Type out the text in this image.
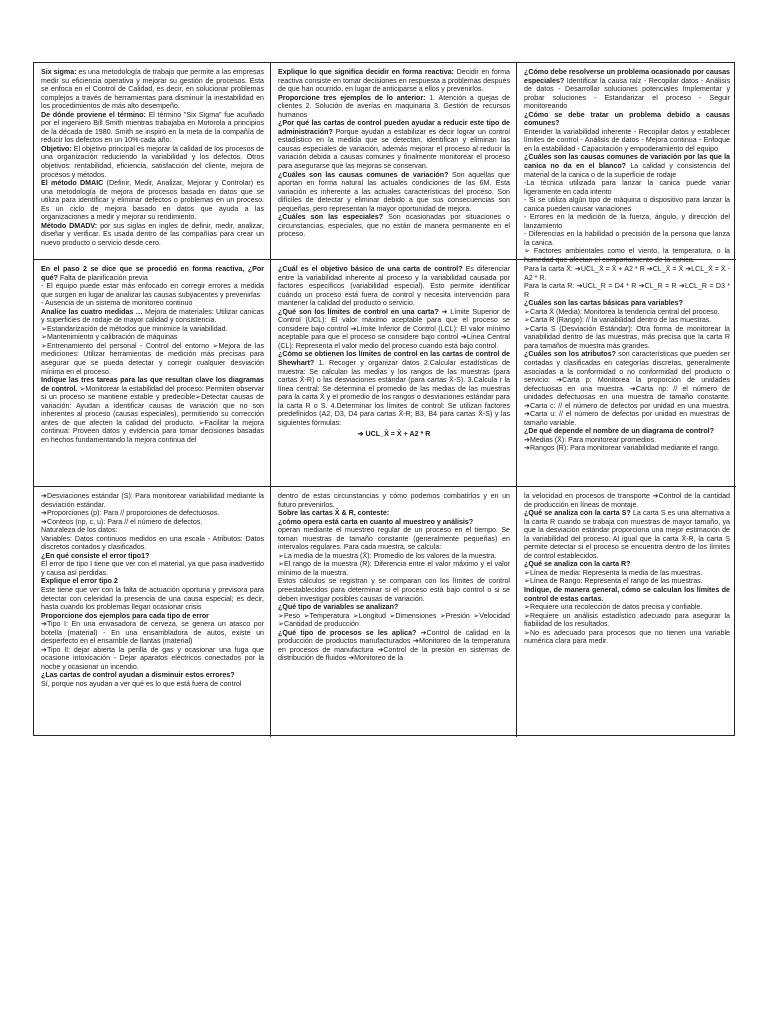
Six sigma: es una metodología de trabajo que permite a las empresas medir su eficiencia operativa y mejorar su gestión de procesos. Esta se enfoca en el Control de Calidad, es decir, en solucionar problemas complejos a través de herramientas para disminuir la inestabilidad en los procedimientos de más alto desempeño.

De dónde proviene el término: El término "Six Sigma" fue acuñado por el ingeniero Bill Smith mientras trabajaba en Motorola a principios de la década de 1980. Smith se inspiró en la meta de la compañía de reducir los defectos en un 10% cada año.

Objetivo: El objetivo principal es mejorar la calidad de los procesos de una organización reduciendo la variabilidad y los defectos. Otros objetivos: rentabilidad, eficiencia, satisfacción del cliente, mejora de procesos y métodos.

El método DMAIC (Definir, Medir, Analizar, Mejorar y Controlar) es una metodología de mejora de procesos basada en datos que se utiliza para identificar y eliminar defectos o problemas en un proceso. Es un ciclo de mejora basado en datos que ayuda a las organizaciones a medir y mejorar su rendimiento.

Método DMADV: por sus siglas en ingles de definir, medir, analizar, diseñar y verificar. Es usada dentro de las compañías para crear un nuevo producto o servicio desde cero.

Explique lo que significa decidir en forma reactiva: Decidir en forma reactiva consiste en tomar decisiones en respuesta a problemas después de que han ocurrido, en lugar de anticiparse a ellos y prevenirlos.

Proporcione tres ejemplos de lo anterior: 1. Atención a quejas de clientes 2. Solución de averías en maquinaria 3. Gestión de recursos humanos

¿Por qué las cartas de control pueden ayudar a reducir este tipo de administración? Porque ayudan a estabilizar es decir lograr un control estadístico en la medida que se detectan, identifican y eliminan las causas especiales de variación, además mejorar el proceso al reducir la variación debida a causas comunes y finalmente monitorear el proceso para asegurarse que las mejoras se conservan.

¿Cuáles son las causas comunes de variación? Son aquellas que aportan en forma natural las actuales condiciones de las 6M. Esta variación es inherente a las actuales características del proceso. Son difíciles de detectar y eliminar debido a que sus consecuencias son pequeñas, pero representan la mayor oportunidad de mejora.

¿Cuáles son las especiales? Son ocasionadas por situaciones o circunstancias, especiales, que no están de manera permanente en el proceso.

¿Cómo debe resolverse un problema ocasionado por causas especiales? Identificar la causa raíz - Recopilar datos - Análisis de datos - Desarrollar soluciones potenciales Implementar y probar soluciones - Estandarizar el proceso - Seguir monitoreando

¿Cómo se debe tratar un problema debido a causas comunes?

Entender la variabilidad inherente - Recopilar datos y establecer límites de control - Análisis de datos - Mejora continua - Enfoque en la estabilidad - Capacitación y empoderamiento del equipo

¿Cuáles son las causas comunes de variación por las que la canica no da en el blanco? La calidad y consistencia del material de la canica o de la superficie de rodaje

-La técnica utilizada para lanzar la canica puede variar ligeramente en cada intento

- Si se utiliza algún tipo de máquina o dispositivo para lanzar la canica pueden causar variaciones

- Errores en la medición de la fuerza, ángulo, y dirección del lanzamiento

- Diferencias en la habilidad o precisión de la persona que lanza la canica.

➢ Factores ambientales como el viento, la temperatura, o la humedad que afectan el comportamiento de la canica.

En el paso 2 se dice que se procedió en forma reactiva, ¿Por qué? Falta de planificación previa

- El equipo puede estar más enfocado en corregir errores a medida que surgen en lugar de analizar las causas subyacentes y prevenirlas

- Ausencia de un sistema de monitoreo continuo

Analice las cuatro medidas … Mejora de materiales: Utilizar canicas y superficies de rodaje de mayor calidad y consistencia.

➢Estandarización de métodos que minimice la variabilidad.

➢Mantenimiento y calibración de máquinas

➢Entrenamiento del personal - Control del entorno ➢Mejora de las mediciones: Utilizar herramientas de medición más precisas para asegurar que se pueda detectar y corregir cualquier desviación mínima en el proceso.

Indique las tres tareas para las que resultan clave los diagramas de control. ➢Monitorear la estabilidad del proceso: Permiten observar si un proceso se mantiene estable y predecible➢Detectar causas de variación: Ayudan a identificar causas de variación que no son inherentes al proceso (causas especiales), permitiendo su corrección antes de que afecten la calidad del producto. ➢Facilitar la mejora continua: Proveen datos y evidencia para tomar decisiones basadas en hechos fundamentando la mejora continua del

¿Cuál es el objetivo básico de una carta de control? Es diferenciar entre la variabilidad inherente al proceso y la variabilidad causada por factores específicos (variabilidad especial). Esto permite identificar cuándo un proceso está fuera de control y necesita intervención para mantener la calidad del producto o servicio.

¿Qué son los límites de control en una carta? ➔ Límite Superior de Control (UCL): El valor máximo aceptable para que el proceso se considere bajo control ➔Límite Inferior de Control (LCL): El valor mínimo aceptable para que el proceso se considere bajo control ➔Línea Central (CL): Representa el valor medio del proceso cuando está bajo control.

¿Cómo se obtienen los límites de control en las cartas de control de Shewhart? 1. Recoger y organizar datos 2.Calcular estadísticas de muestra: Se calculan las medias y los rangos de las muestras (para cartas X̄-R) o las desviaciones estándar (para cartas X̄-S). 3.Calcula r la línea central: Se determina el promedio de las medias de las muestras para la carta X̄ y el promedio de los rangos o desviaciones estándar para la carta R o S. 4.Determinar los límites de control: Se utilizan factores predefinidos (A2, D3, D4 para cartas X̄-R; B3, B4 para cartas X̄-S) y las siguientes fórmulas:

➔ UCL_X̄ = X̄ + A2 * R

Para la carta X̄: ➔UCL_X̄ = X̄ + A2 * R ➔CL_X̄ = X̄ ➔LCL_X̄ = X̄ - A2 * R.

Para la carta R: ➔UCL_R = D4 * R ➔CL_R = R ➔LCL_R = D3 * R

¿Cuáles son las cartas básicas para variables?

➢Carta X̄ (Media): Monitorea la tendencia central del proceso.

➢Carta R (Rango): // la variabilidad dentro de las muestras.

➢Carta S (Desviación Estándar): Otra forma de monitorear la variabilidad dentro de las muestras, más precisa que la carta R para tamaños de muestra más grandes.

¿Cuáles son los atributos? son características que pueden ser contadas y clasificadas en categorías discretas, generalmente asociadas a la conformidad o no conformidad del producto o servicio: ➔Carta p: Monitorea la proporción de unidades defectuosas en una muestra. ➔Carta np: // el número de unidades defectuosas en una muestra de tamaño constante. ➔Carta c: // el número de defectos por unidad en una muestra. ➔Carta u: // el número de defectos por unidad en muestras de tamaño variable.

¿De qué depende el nombre de un diagrama de control?

➔Medias (X̄): Para monitorear promedios.

➔Rangos (R): Para monitorear variabilidad mediante el rango.

➔Desviaciones estándar (S): Para monitorear variabilidad mediante la desviación estándar.

➔Proporciones (p): Para // proporciones de defectuosos.

➔Conteos (np, c, u): Para // el número de defectos.

Naturaleza de los datos:

Variables: Datos continuos medidos en una escala - Atributos: Datos discretos contados y clasificados.

¿En qué consiste el error tipo1?

El error de tipo I tiene que ver con el material, ya que pasa inadvertido y causa así perdidas.

Explique el error tipo 2

Este tiene que ver con la falta de actuación oportuna y previsora para detectar con celeridad la presencia de una causa especial; es decir, hasta cuando los problemas llegan ocasionar crisis

Proporcione dos ejemplos para cada tipo de error

➔Tipo I: En una envasadora de cerveza, se genera un atasco por botella (material) - En una ensambladora de autos, existe un desperfecto en el ensamble de llantas (material)

➔Tipo II: dejar abierta la perilla de gas y ocasionar una fuga que ocasione intoxicación - Dejar aparatos eléctricos conectados por la noche y ocasionar un incendio.

¿Las cartas de control ayudan a disminuir estos errores?

Sí, porque nos ayudan a ver qué es lo que está fuera de control

dentro de estas circunstancias y cómo podemos combatirlos y en un futuro prevenirlos.

Sobre las cartas X̄ & R, conteste:

¿cómo opera está carta en cuanto al muestreo y análisis?

operan mediante el muestreo regular de un proceso en el tiempo. Se toman muestras de tamaño constante (generalmente pequeñas) en intervalos regulares. Para cada muestra, se calcula:

➢La media de la muestra (X̄): Promedio de los valores de la muestra.

➢El rango de la muestra (R): Diferencia entre el valor máximo y el valor mínimo de la muestra.

Estos cálculos se registran y se comparan con los límites de control preestablecidos para determinar si el proceso está bajo control o si se deben investigar posibles causas de variación.

¿Qué tipo de variables se analizan?

➢Peso ➢Temperatura ➢Longitud ➢Dimensiones ➢Presión ➢Velocidad ➢Cantidad de producción

¿Qué tipo de procesos se les aplica? ➔Control de calidad en la producción de productos manufacturados ➔Monitoreo de la temperatura en procesos de manufactura ➔Control de la presión en sistemas de distribución de fluidos ➔Monitoreo de la

la velocidad en procesos de transporte ➔Control de la cantidad de producción en líneas de montaje.

¿Qué se analiza con la carta S? La carta S es una alternativa a la carta R cuando se trabaja con muestras de mayor tamaño, ya que la desviación estándar proporciona una mejor estimación de la variabilidad del proceso. Al igual que la carta X̄-R, la carta S permite detectar si el proceso se encuentra dentro de los límites de control establecidos.

¿Qué se analiza con la carta R?

➢Línea de media: Representa la media de las muestras.

➢Línea de Rango: Representa el rango de las muestras.

Indique, de manera general, cómo se calculan los límites de control de estas cartas.

➢Requiere una recolección de datos precisa y confiable.

➢Requiere un análisis estadístico adecuado para asegurar la fiabilidad de los resultados.

➢No es adecuado para procesos que no tienen una variable numérica clara para medir.
